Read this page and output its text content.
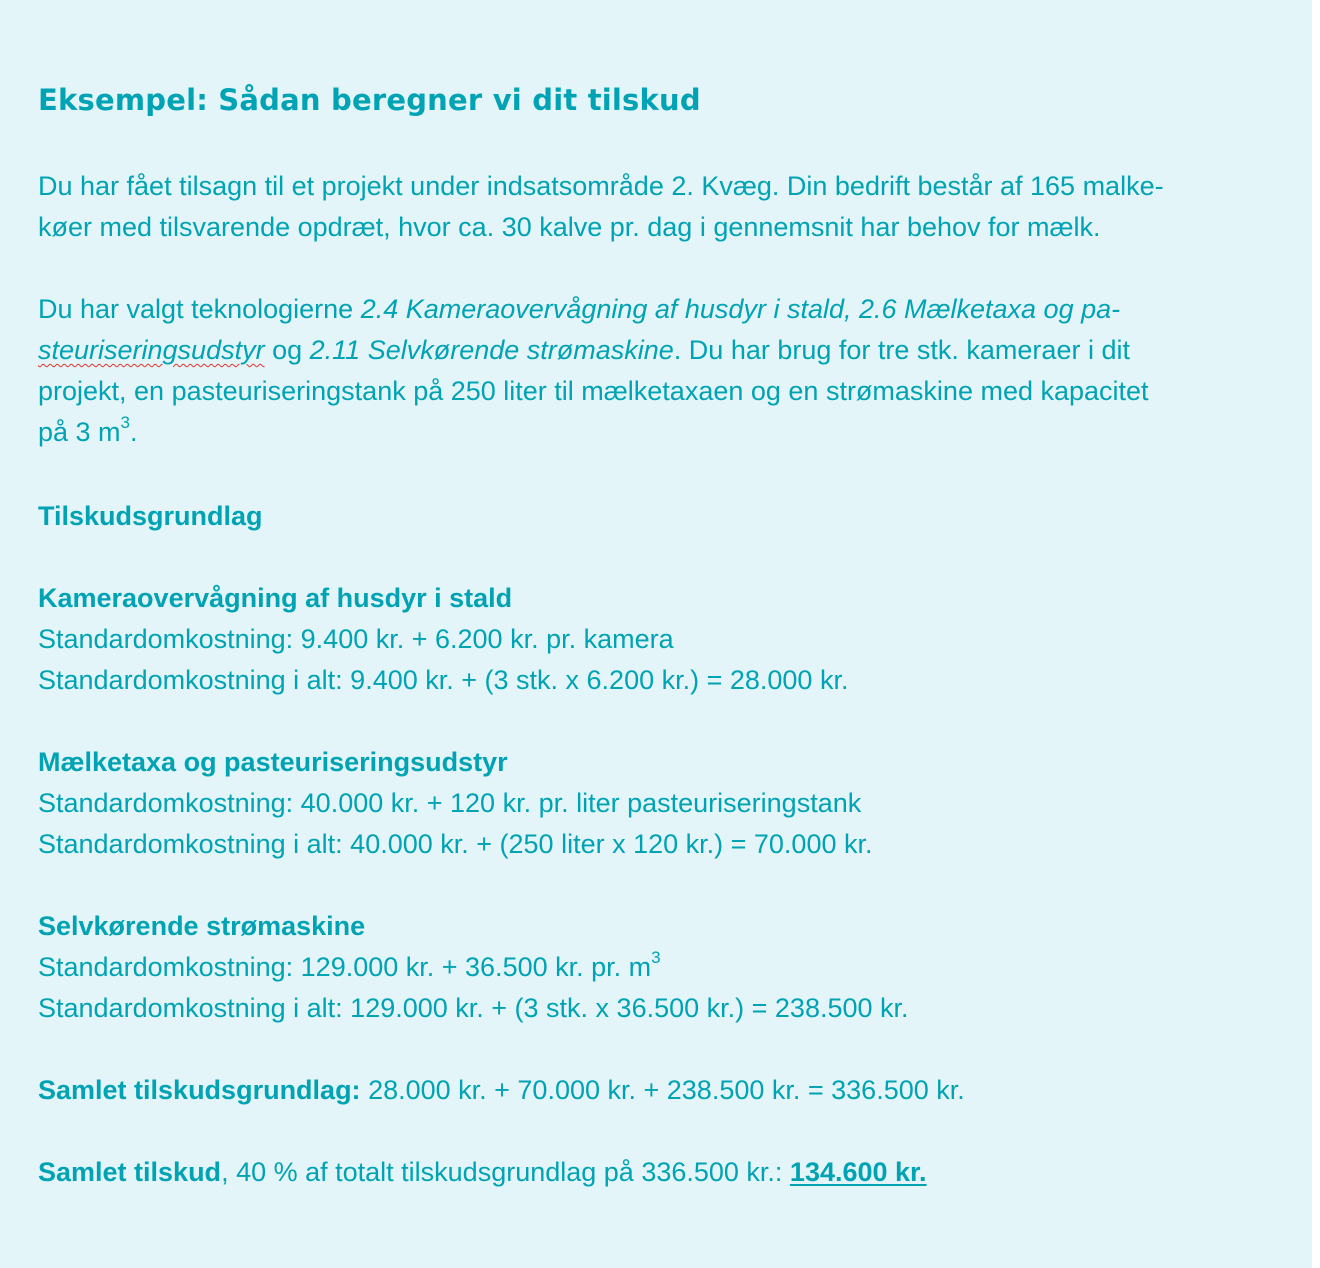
Eksempel: Sådan beregner vi dit tilskud

Du har fået tilsagn til et projekt under indsatsområde 2. Kvæg. Din bedrift består af 165 malke-
køer med tilsvarende opdræt, hvor ca. 30 kalve pr. dag i gennemsnit har behov for mælk.

Du har valgt teknologierne 2.4 Kameraovervågning af husdyr i stald, 2.6 Mælketaxa og pa-
steuriseringsudstyr og 2.11 Selvkørende strømaskine. Du har brug for tre stk. kameraer i dit
projekt, en pasteuriseringstank på 250 liter til mælketaxaen og en strømaskine med kapacitet
på 3 $m^3$.

Tilskudsgrundlag

Kameraovervågning af husdyr i stald
Standardomkostning: 9.400 kr. + 6.200 kr. pr. kamera
Standardomkostning i alt: 9.400 kr. + (3 stk. x 6.200 kr.) = 28.000 kr.

Mælketaxa og pasteuriseringsudstyr
Standardomkostning: 40.000 kr. + 120 kr. pr. liter pasteuriseringstank
Standardomkostning i alt: 40.000 kr. + (250 liter x 120 kr.) = 70.000 kr.

Selvkørende strømaskine
Standardomkostning: 129.000 kr. + 36.500 kr. pr. $m^3$
Standardomkostning i alt: 129.000 kr. + (3 stk. x 36.500 kr.) = 238.500 kr.

Samlet tilskudsgrundlag: 28.000 kr. + 70.000 kr. + 238.500 kr. = 336.500 kr.

Samlet tilskud, 40 % af totalt tilskudsgrundlag på 336.500 kr.: 134.600 kr.
